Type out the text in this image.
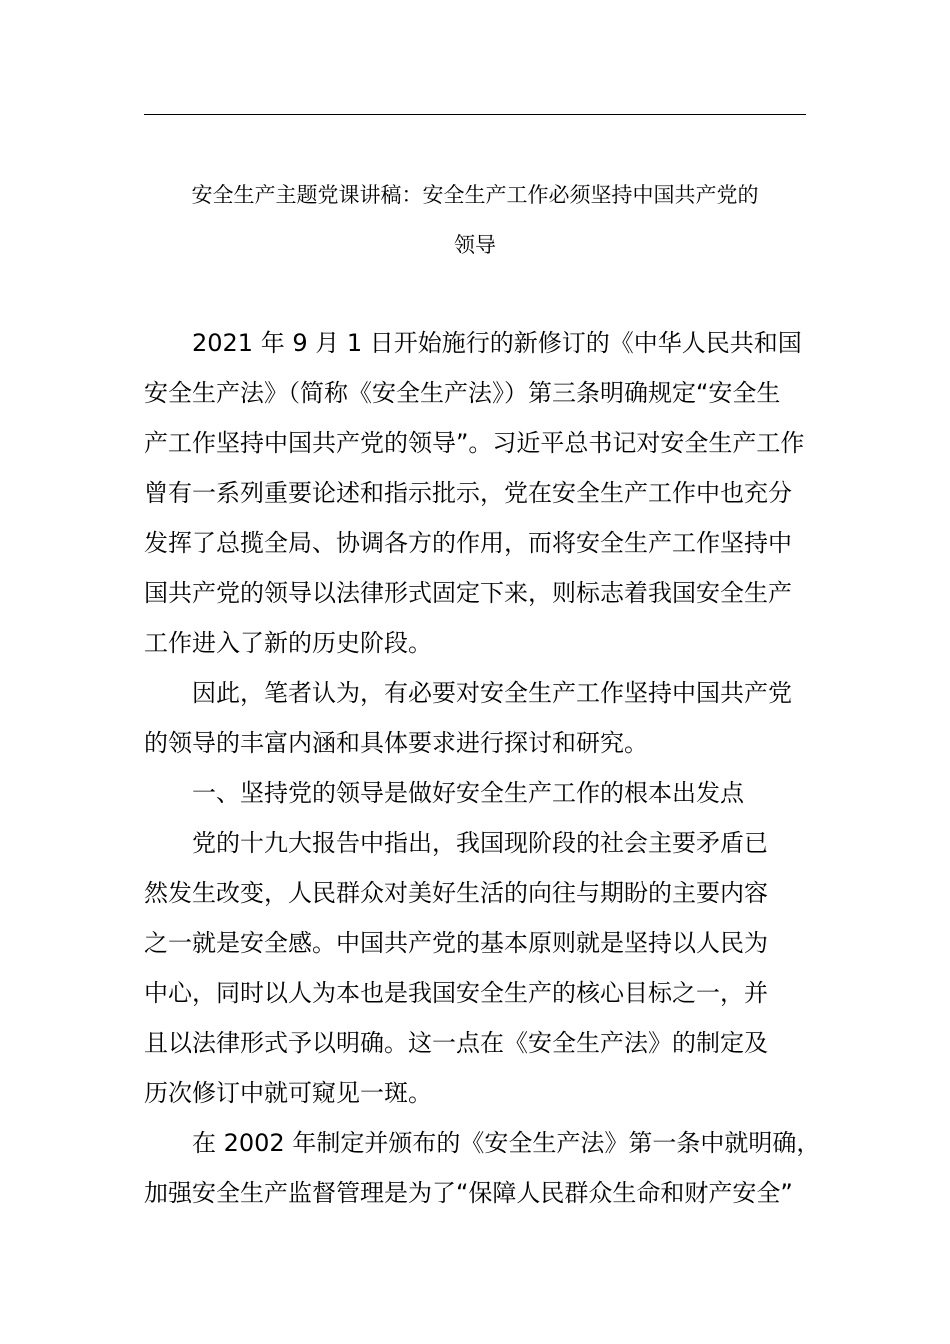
安全生产主题党课讲稿：安全生产工作必须坚持中国共产党的
领导

　　2021 年 9 月 1 日开始施行的新修订的《中华人民共和国
安全生产法》（简称《安全生产法》）第三条明确规定“安全生
产工作坚持中国共产党的领导”。习近平总书记对安全生产工作
曾有一系列重要论述和指示批示，党在安全生产工作中也充分
发挥了总揽全局、协调各方的作用，而将安全生产工作坚持中
国共产党的领导以法律形式固定下来，则标志着我国安全生产
工作进入了新的历史阶段。

　　因此，笔者认为，有必要对安全生产工作坚持中国共产党
的领导的丰富内涵和具体要求进行探讨和研究。

　　一、坚持党的领导是做好安全生产工作的根本出发点

　　党的十九大报告中指出，我国现阶段的社会主要矛盾已
然发生改变，人民群众对美好生活的向往与期盼的主要内容
之一就是安全感。中国共产党的基本原则就是坚持以人民为
中心，同时以人为本也是我国安全生产的核心目标之一，并
且以法律形式予以明确。这一点在《安全生产法》的制定及
历次修订中就可窥见一斑。

　　在 2002 年制定并颁布的《安全生产法》第一条中就明确，
加强安全生产监督管理是为了“保障人民群众生命和财产安全”
